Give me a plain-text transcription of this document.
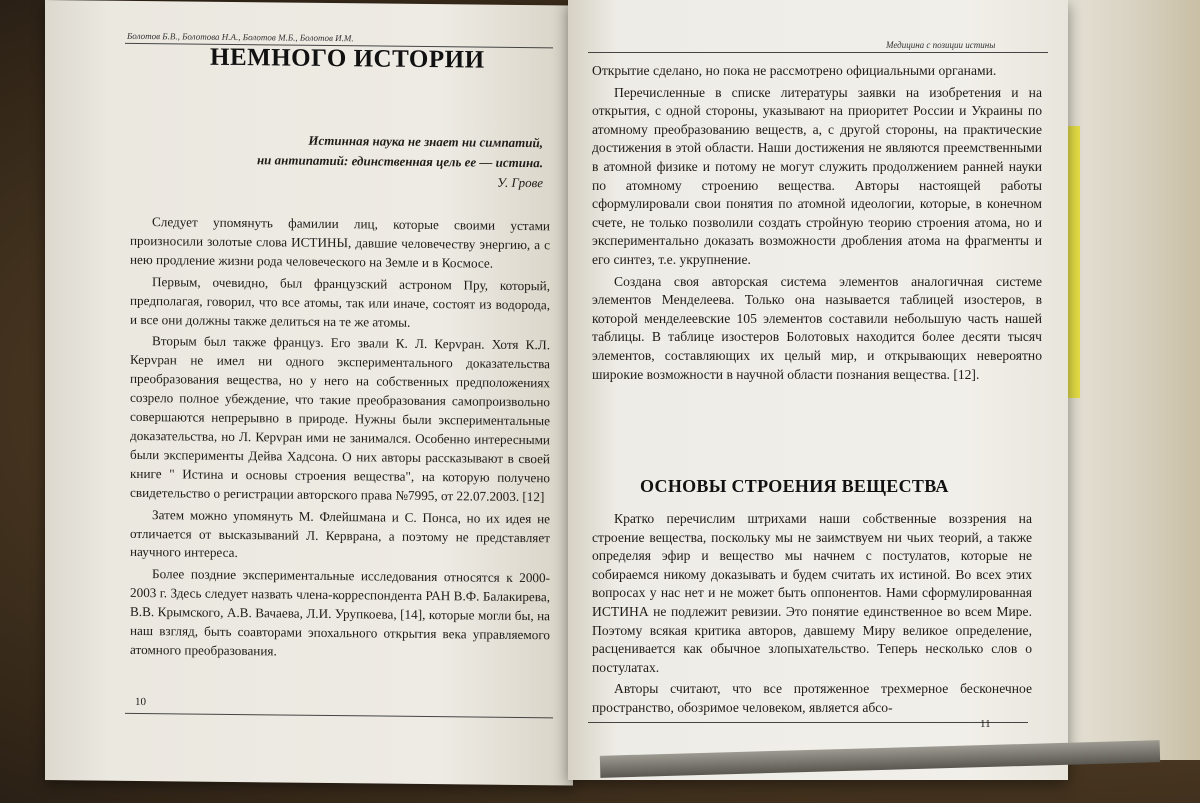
Болотов Б.В., Болотова Н.А., Болотов М.Б., Болотов И.М.
НЕМНОГО ИСТОРИИ
Истинная наука не знает ни симпатий,
ни антипатий: единственная цель ее — истина.
У. Грове

Следует упомянуть фамилии лиц, которые своими устами произносили золотые слова ИСТИНЫ, давшие человечеству энергию, а с нею продление жизни рода человеческого на Земле и в Космосе.

Первым, очевидно, был французский астроном Пру, который, предполагая, говорил, что все атомы, так или иначе, состоят из водорода, и все они должны также делиться на те же атомы.

Вторым был также француз. Его звали К. Л. Керvран. Хотя К.Л. Керvран не имел ни одного экспериментального доказательства преобразования вещества, но у него на собственных предположениях созрело полное убеждение, что такие преобразования самопроизвольно совершаются непрерывно в природе. Нужны были экспериментальные доказательства, но Л. Керvран ими не занимался. Особенно интересными были эксперименты Дейва Хадсона. О них авторы рассказывают в своей книге " Истина и основы строения вещества", на которую получено свидетельство о регистрации авторского права №7995, от 22.07.2003. [12]

Затем можно упомянуть М. Флейшмана и С. Понса, но их идея не отличается от высказываний Л. Керврана, а поэтому не представляет научного интереса.

Более поздние экспериментальные исследования относятся к 2000-2003 г. Здесь следует назвать члена-корреспондента РАН В.Ф. Балакирева, В.В. Крымского, А.В. Вачаева, Л.И. Урупкоева, [14], которые могли бы, на наш взгляд, быть соавторами эпохального открытия века управляемого атомного преобразования.

10
Медицина с позиции истины

Открытие сделано, но пока не рассмотрено официальными органами.

Перечисленные в списке литературы заявки на изобретения и на открытия, с одной стороны, указывают на приоритет России и Украины по атомному преобразованию веществ, а, с другой стороны, на практические достижения в этой области. Наши достижения не являются преемственными в атомной физике и потому не могут служить продолжением ранней науки по атомному строению вещества. Авторы настоящей работы сформулировали свои понятия по атомной идеологии, которые, в конечном счете, не только позволили создать стройную теорию строения атома, но и экспериментально доказать возможности дробления атома на фрагменты и его синтез, т.е. укрупнение.

Создана своя авторская система элементов аналогичная системе элементов Менделеева. Только она называется таблицей изостеров, в которой менделеевские 105 элементов составили небольшую часть нашей таблицы. В таблице изостеров Болотовых находится более десяти тысяч элементов, составляющих их целый мир, и открывающих невероятно широкие возможности в научной области познания вещества. [12].

ОСНОВЫ СТРОЕНИЯ ВЕЩЕСТВА

Кратко перечислим штрихами наши собственные воззрения на строение вещества, поскольку мы не заимствуем ни чьих теорий, а также определяя эфир и вещество мы начнем с постулатов, которые не собираемся никому доказывать и будем считать их истиной. Во всех этих вопросах у нас нет и не может быть оппонентов. Нами сформулированная ИСТИНА не подлежит ревизии. Это понятие единственное во всем Мире. Поэтому всякая критика авторов, давшему Миру великое определение, расценивается как обычное злопыхательство. Теперь несколько слов о постулатах.

Авторы считают, что все протяженное трехмерное бесконечное пространство, обозримое человеком, является абсо-

11
